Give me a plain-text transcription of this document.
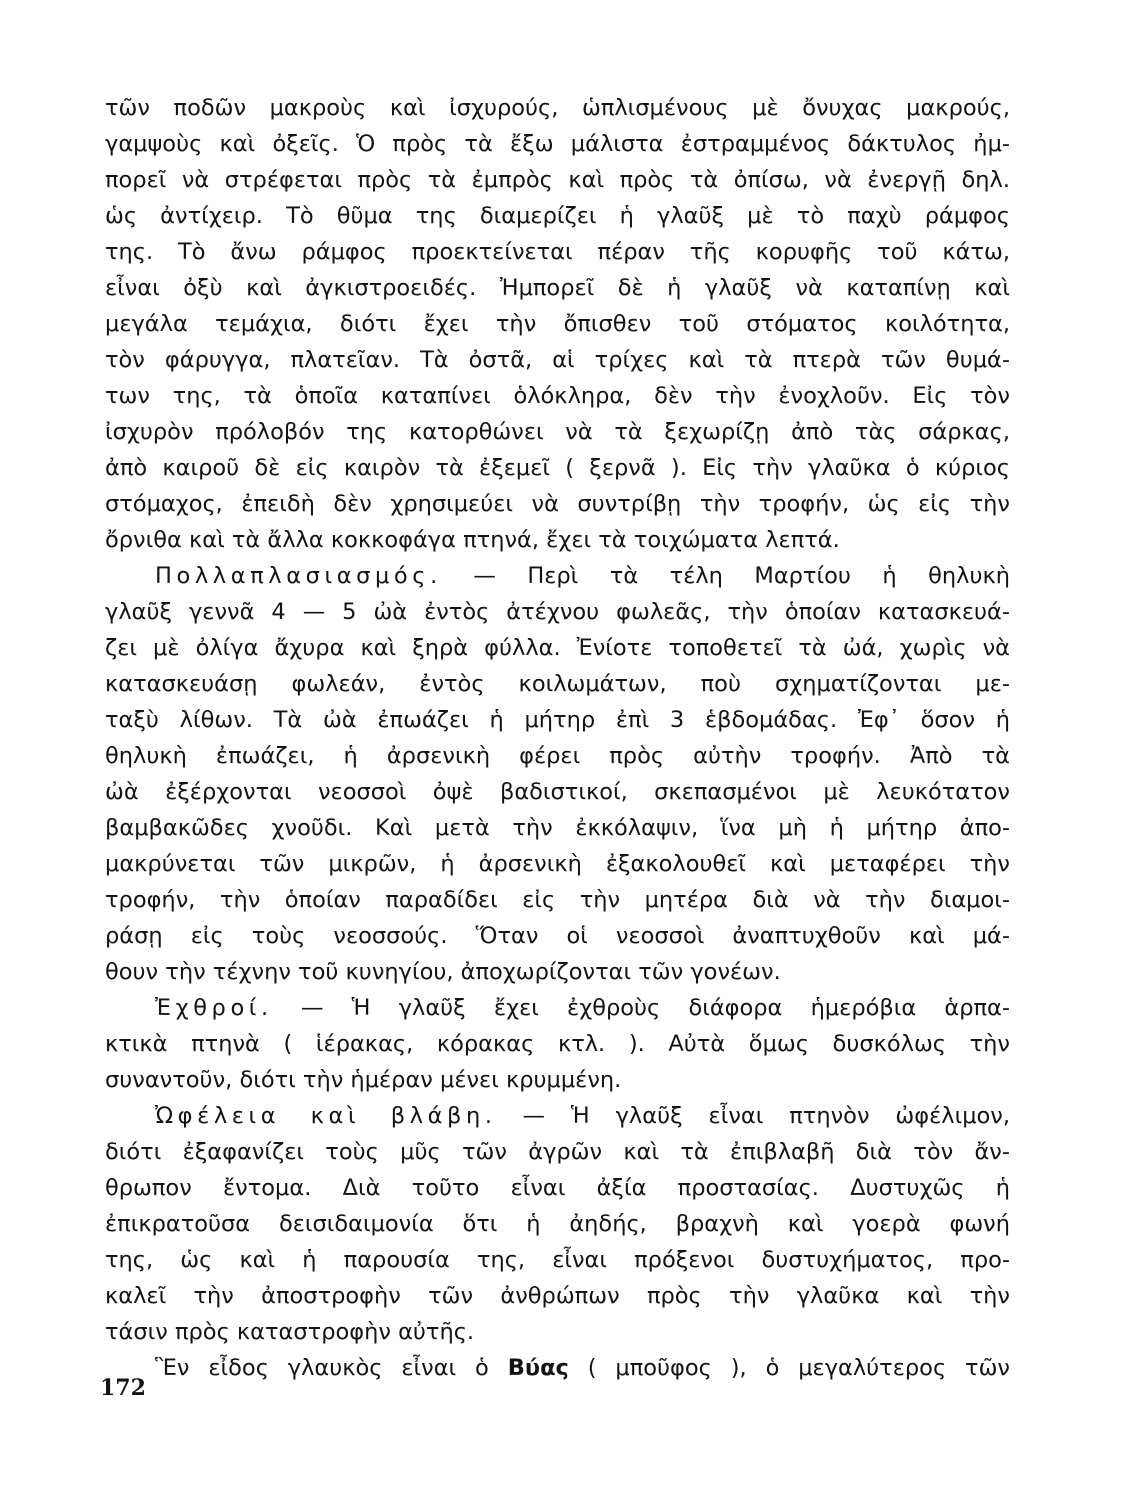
τῶν ποδῶν μακροὺς καὶ ἰσχυρούς, ὡπλισμένους μὲ ὄνυχας μακρούς,
γαμψοὺς καὶ ὀξεῖς. Ὁ πρὸς τὰ ἔξω μάλιστα ἐστραμμένος δάκτυλος ἠμ-
πορεῖ νὰ στρέφεται πρὸς τὰ ἐμπρὸς καὶ πρὸς τὰ ὀπίσω, νὰ ἐνεργῇ δηλ.
ὡς ἀντίχειρ. Τὸ θῦμα της διαμερίζει ἡ γλαῦξ μὲ τὸ παχὺ ράμφος
της. Τὸ ἄνω ράμφος προεκτείνεται πέραν τῆς κορυφῆς τοῦ κάτω,
εἶναι ὀξὺ καὶ ἀγκιστροειδές. Ἠμπορεῖ δὲ ἡ γλαῦξ νὰ καταπίνῃ καὶ
μεγάλα τεμάχια, διότι ἔχει τὴν ὄπισθεν τοῦ στόματος κοιλότητα,
τὸν φάρυγγα, πλατεῖαν. Τὰ ὀστᾶ, αἱ τρίχες καὶ τὰ πτερὰ τῶν θυμά-
των της, τὰ ὁποῖα καταπίνει ὁλόκληρα, δὲν τὴν ἐνοχλοῦν. Εἰς τὸν
ἰσχυρὸν πρόλοβόν της κατορθώνει νὰ τὰ ξεχωρίζῃ ἀπὸ τὰς σάρκας,
ἀπὸ καιροῦ δὲ εἰς καιρὸν τὰ ἐξεμεῖ ( ξερνᾶ ). Εἰς τὴν γλαῦκα ὁ κύριος
στόμαχος, ἐπειδὴ δὲν χρησιμεύει νὰ συντρίβῃ τὴν τροφήν, ὡς εἰς τὴν
ὄρνιθα καὶ τὰ ἄλλα κοκκοφάγα πτηνά, ἔχει τὰ τοιχώματα λεπτά.
Πολλαπλασιασμός. — Περὶ τὰ τέλη Μαρτίου ἡ θηλυκὴ
γλαῦξ γεννᾶ 4 — 5 ὠὰ ἐντὸς ἀτέχνου φωλεᾶς, τὴν ὁποίαν κατασκευά-
ζει μὲ ὀλίγα ἄχυρα καὶ ξηρὰ φύλλα. Ἐνίοτε τοποθετεῖ τὰ ὠά, χωρὶς νὰ
κατασκευάσῃ φωλεάν, ἐντὸς κοιλωμάτων, ποὺ σχηματίζονται με-
ταξὺ λίθων. Τὰ ὠὰ ἐπωάζει ἡ μήτηρ ἐπὶ 3 ἑβδομάδας. Ἐφ᾽ ὅσον ἡ
θηλυκὴ ἐπωάζει, ἡ ἀρσενικὴ φέρει πρὸς αὐτὴν τροφήν. Ἀπὸ τὰ
ὠὰ ἐξέρχονται νεοσσοὶ ὀψὲ βαδιστικοί, σκεπασμένοι μὲ λευκότατον
βαμβακῶδες χνοῦδι. Καὶ μετὰ τὴν ἐκκόλαψιν, ἵνα μὴ ἡ μήτηρ ἀπο-
μακρύνεται τῶν μικρῶν, ἡ ἀρσενικὴ ἐξακολουθεῖ καὶ μεταφέρει τὴν
τροφήν, τὴν ὁποίαν παραδίδει εἰς τὴν μητέρα διὰ νὰ τὴν διαμοι-
ράσῃ εἰς τοὺς νεοσσούς. Ὅταν οἱ νεοσσοὶ ἀναπτυχθοῦν καὶ μά-
θουν τὴν τέχνην τοῦ κυνηγίου, ἀποχωρίζονται τῶν γονέων.
Ἐχθροί. — Ἡ γλαῦξ ἔχει ἐχθροὺς διάφορα ἡμερόβια ἁρπα-
κτικὰ πτηνὰ ( ἱέρακας, κόρακας κτλ. ). Αὐτὰ ὅμως δυσκόλως τὴν
συναντοῦν, διότι τὴν ἡμέραν μένει κρυμμένη.
Ὠφέλεια καὶ βλάβη. — Ἡ γλαῦξ εἶναι πτηνὸν ὠφέλιμον,
διότι ἐξαφανίζει τοὺς μῦς τῶν ἀγρῶν καὶ τὰ ἐπιβλαβῆ διὰ τὸν ἄν-
θρωπον ἔντομα. Διὰ τοῦτο εἶναι ἀξία προστασίας. Δυστυχῶς ἡ
ἐπικρατοῦσα δεισιδαιμονία ὅτι ἡ ἀηδής, βραχνὴ καὶ γοερὰ φωνή
της, ὡς καὶ ἡ παρουσία της, εἶναι πρόξενοι δυστυχήματος, προ-
καλεῖ τὴν ἀποστροφὴν τῶν ἀνθρώπων πρὸς τὴν γλαῦκα καὶ τὴν
τάσιν πρὸς καταστροφὴν αὐτῆς.
Ἓν εἶδος γλαυκὸς εἶναι ὁ Βύας ( μποῦφος ), ὁ μεγαλύτερος τῶν
172
